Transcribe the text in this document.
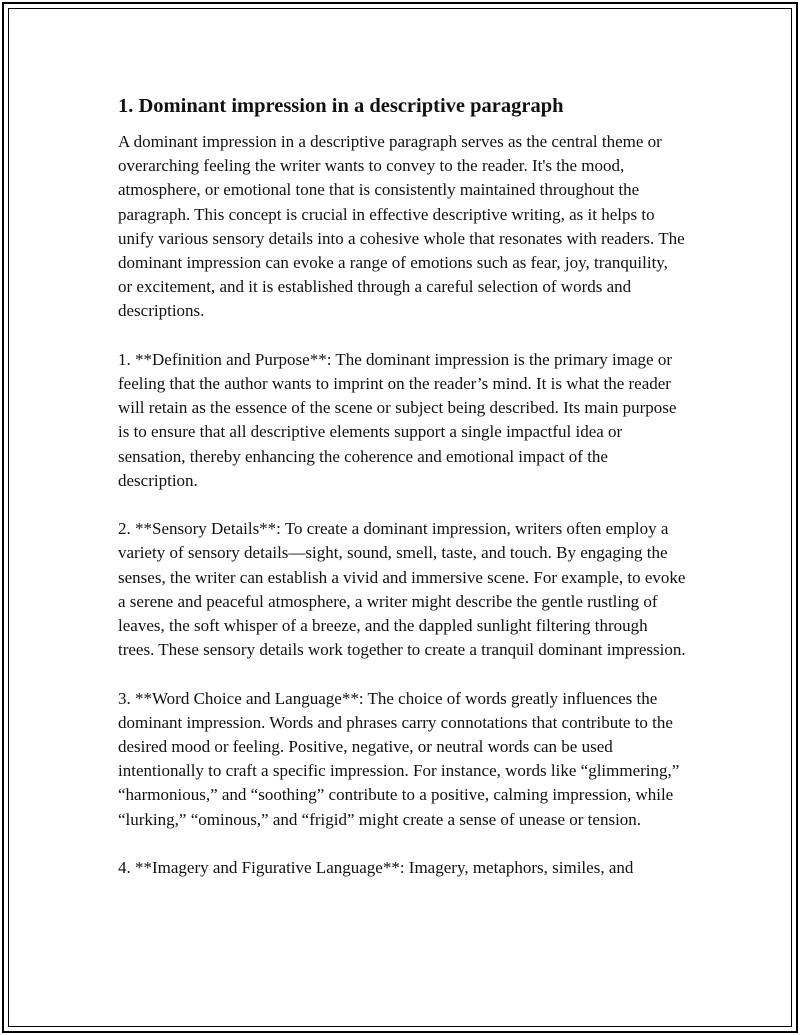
1. Dominant impression in a descriptive paragraph

A dominant impression in a descriptive paragraph serves as the central theme or overarching feeling the writer wants to convey to the reader. It's the mood, atmosphere, or emotional tone that is consistently maintained throughout the paragraph. This concept is crucial in effective descriptive writing, as it helps to unify various sensory details into a cohesive whole that resonates with readers. The dominant impression can evoke a range of emotions such as fear, joy, tranquility, or excitement, and it is established through a careful selection of words and descriptions.

1. **Definition and Purpose**: The dominant impression is the primary image or feeling that the author wants to imprint on the reader’s mind. It is what the reader will retain as the essence of the scene or subject being described. Its main purpose is to ensure that all descriptive elements support a single impactful idea or sensation, thereby enhancing the coherence and emotional impact of the description.

2. **Sensory Details**: To create a dominant impression, writers often employ a variety of sensory details—sight, sound, smell, taste, and touch. By engaging the senses, the writer can establish a vivid and immersive scene. For example, to evoke a serene and peaceful atmosphere, a writer might describe the gentle rustling of leaves, the soft whisper of a breeze, and the dappled sunlight filtering through trees. These sensory details work together to create a tranquil dominant impression.

3. **Word Choice and Language**: The choice of words greatly influences the dominant impression. Words and phrases carry connotations that contribute to the desired mood or feeling. Positive, negative, or neutral words can be used intentionally to craft a specific impression. For instance, words like “glimmering,” “harmonious,” and “soothing” contribute to a positive, calming impression, while “lurking,” “ominous,” and “frigid” might create a sense of unease or tension.

4. **Imagery and Figurative Language**: Imagery, metaphors, similes, and
